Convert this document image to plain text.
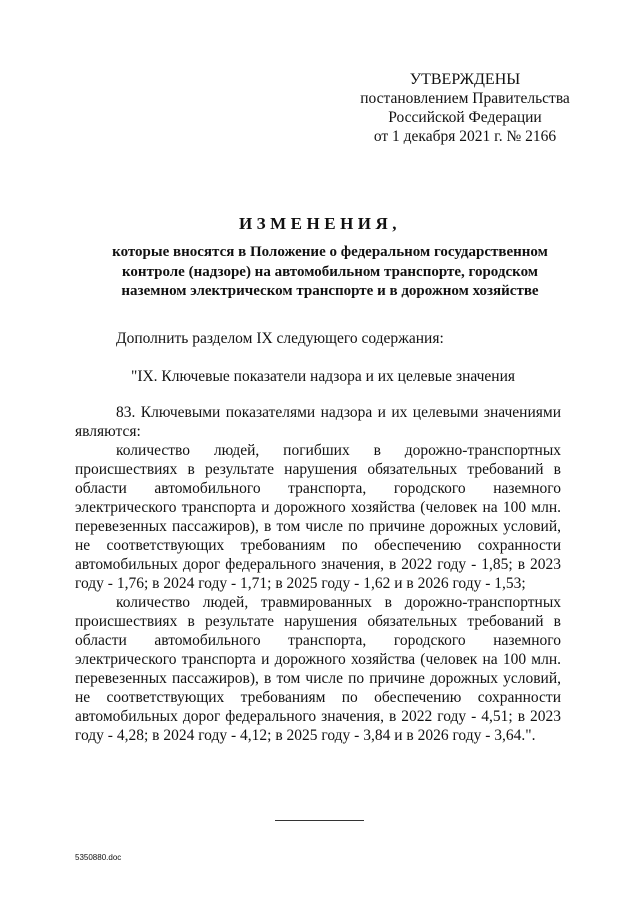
УТВЕРЖДЕНЫ
постановлением Правительства
Российской Федерации
от 1 декабря 2021 г. № 2166
ИЗМЕНЕНИЯ,
которые вносятся в Положение о федеральном государственном контроле (надзоре) на автомобильном транспорте, городском наземном электрическом транспорте и в дорожном хозяйстве
Дополнить разделом IX следующего содержания:
"IX. Ключевые показатели надзора и их целевые значения

83. Ключевыми показателями надзора и их целевыми значениями являются:

количество людей, погибших в дорожно-транспортных происшествиях в результате нарушения обязательных требований в области автомобильного транспорта, городского наземного электрического транспорта и дорожного хозяйства (человек на 100 млн. перевезенных пассажиров), в том числе по причине дорожных условий, не соответствующих требованиям по обеспечению сохранности автомобильных дорог федерального значения, в 2022 году - 1,85; в 2023 году - 1,76; в 2024 году - 1,71; в 2025 году - 1,62 и в 2026 году - 1,53;

количество людей, травмированных в дорожно-транспортных происшествиях в результате нарушения обязательных требований в области автомобильного транспорта, городского наземного электрического транспорта и дорожного хозяйства (человек на 100 млн. перевезенных пассажиров), в том числе по причине дорожных условий, не соответствующих требованиям по обеспечению сохранности автомобильных дорог федерального значения, в 2022 году - 4,51; в 2023 году - 4,28; в 2024 году - 4,12; в 2025 году - 3,84 и в 2026 году - 3,64.".

5350880.doc
